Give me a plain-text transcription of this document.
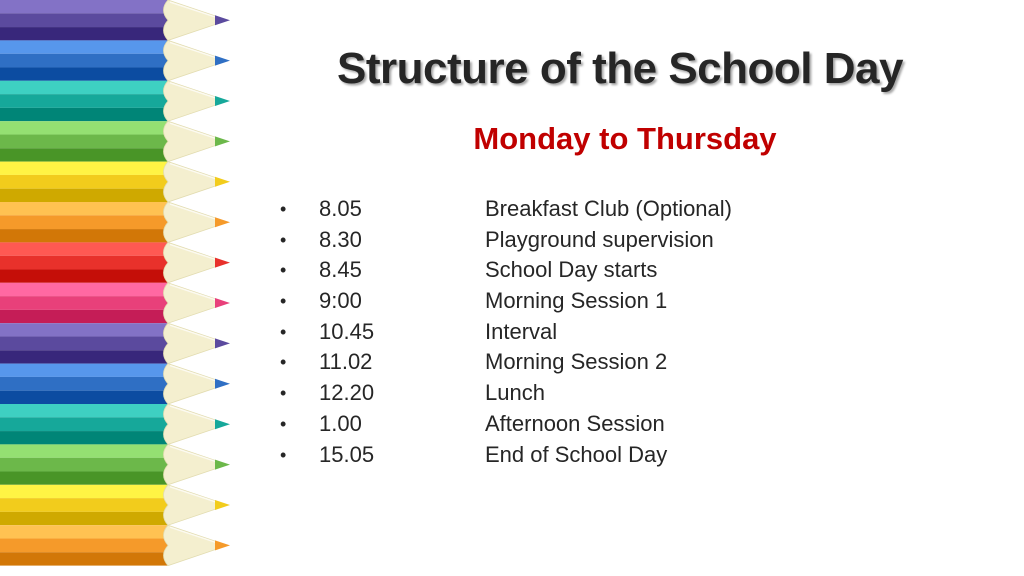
Structure of the School Day
Monday to Thursday
• 8.05	Breakfast Club (Optional)
• 8.30	Playground supervision
• 8.45	School Day starts
• 9:00	Morning Session 1
• 10.45	Interval
• 11.02	Morning Session 2
• 12.20	Lunch
• 1.00	Afternoon Session
• 15.05	End of School Day
